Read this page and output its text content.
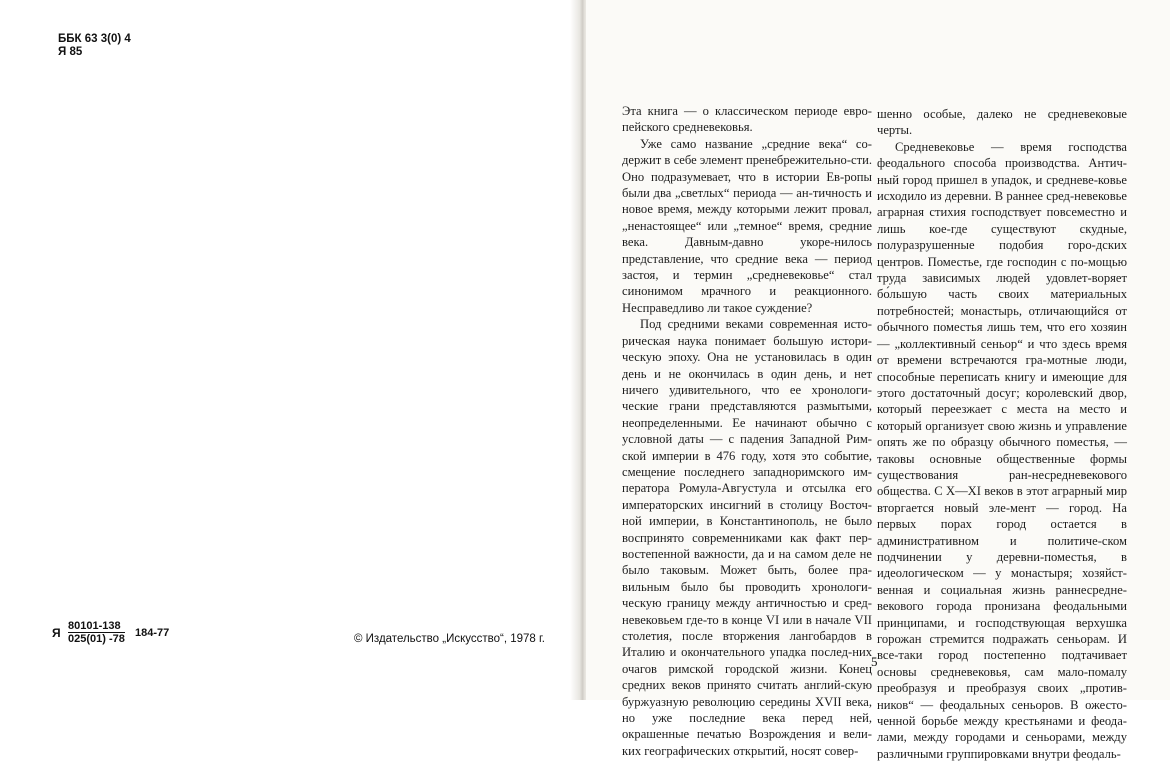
ББК 63 3(0) 4
Я 85
Я $\frac{80101-138}{025(01) -78} 184-77$	© Издательство „Искусство“, 1978 г.

Эта книга — о классическом периоде евро-пейского средневековья.

Уже само название „средние века“ со-держит в себе элемент пренебрежительно-сти. Оно подразумевает, что в истории Ев-ропы были два „светлых“ периода — ан-тичность и новое время, между которыми лежит провал, „ненастоящее“ или „темное“ время, средние века. Давным-давно укоре-нилось представление, что средние века — период застоя, и термин „средневековье“ стал синонимом мрачного и реакционного. Несправедливо ли такое суждение?

Под средними веками современная исто-рическая наука понимает большую истори-ческую эпоху. Она не установилась в один день и не окончилась в один день, и нет ничего удивительного, что ее хронологи-ческие грани представляются размытыми, неопределенными. Ее начинают обычно с условной даты — с падения Западной Рим-ской империи в 476 году, хотя это событие, смещение последнего западноримского им-ператора Ромула-Августула и отсылка его императорских инсигний в столицу Восточ-ной империи, в Константинополь, не было воспринято современниками как факт пер-востепенной важности, да и на самом деле не было таковым. Может быть, более пра-вильным было бы проводить хронологи-ческую границу между античностью и сред-невековьем где-то в конце VI или в начале VII столетия, после вторжения лангобардов в Италию и окончательного упадка послед-них очагов римской городской жизни. Конец средних веков принято считать англий-скую буржуазную революцию середины XVII века, но уже последние века перед ней, окрашенные печатью Возрождения и вели-ких географических открытий, носят совер-

шенно особые, далеко не средневековые черты.

Средневековье — время господства феодального способа производства. Антич-ный город пришел в упадок, и средневе-ковье исходило из деревни. В раннее сред-невековье аграрная стихия господствует повсеместно и лишь кое-где существуют скудные, полуразрушенные подобия горо-дских центров. Поместье, где господин с по-мощью труда зависимых людей удовлет-воряет бо́льшую часть своих материальных потребностей; монастырь, отличающийся от обычного поместья лишь тем, что его хозяин — „коллективный сеньор“ и что здесь время от времени встречаются гра-мотные люди, способные переписать книгу и имеющие для этого достаточный досуг; королевский двор, который переезжает с места на место и который организует свою жизнь и управление опять же по образцу обычного поместья, — таковы основные общественные формы существования ран-несредневекового общества. С X—XI веков в этот аграрный мир вторгается новый эле-мент — город. На первых порах город остается в административном и политиче-ском подчинении у деревни-поместья, в идеологическом — у монастыря; хозяйст-венная и социальная жизнь раннесредне-векового города пронизана феодальными принципами, и господствующая верхушка горожан стремится подражать сеньорам. И все-таки город постепенно подтачивает основы средневековья, сам мало-помалу преобразуя и преобразуя своих „против-ников“ — феодальных сеньоров. В ожесто-ченной борьбе между крестьянами и феода-лами, между городами и сеньорами, между различными группировками внутри феодаль-

5
